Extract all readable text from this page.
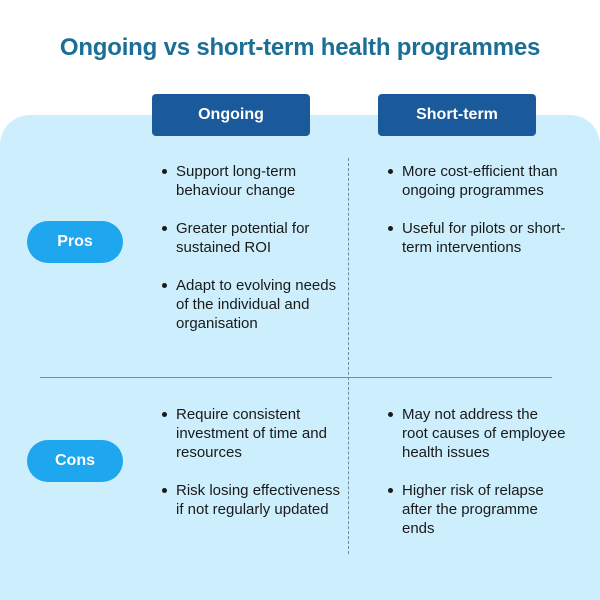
Ongoing vs short-term health programmes
Ongoing	Short-term
Pros
Cons
Support long-term behaviour change
Greater potential for sustained ROI
Adapt to evolving needs of the individual and organisation
More cost-efficient than ongoing programmes
Useful for pilots or short-term interventions
Require consistent investment of time and resources
Risk losing effectiveness if not regularly updated
May not address the root causes of employee health issues
Higher risk of relapse after the programme ends
